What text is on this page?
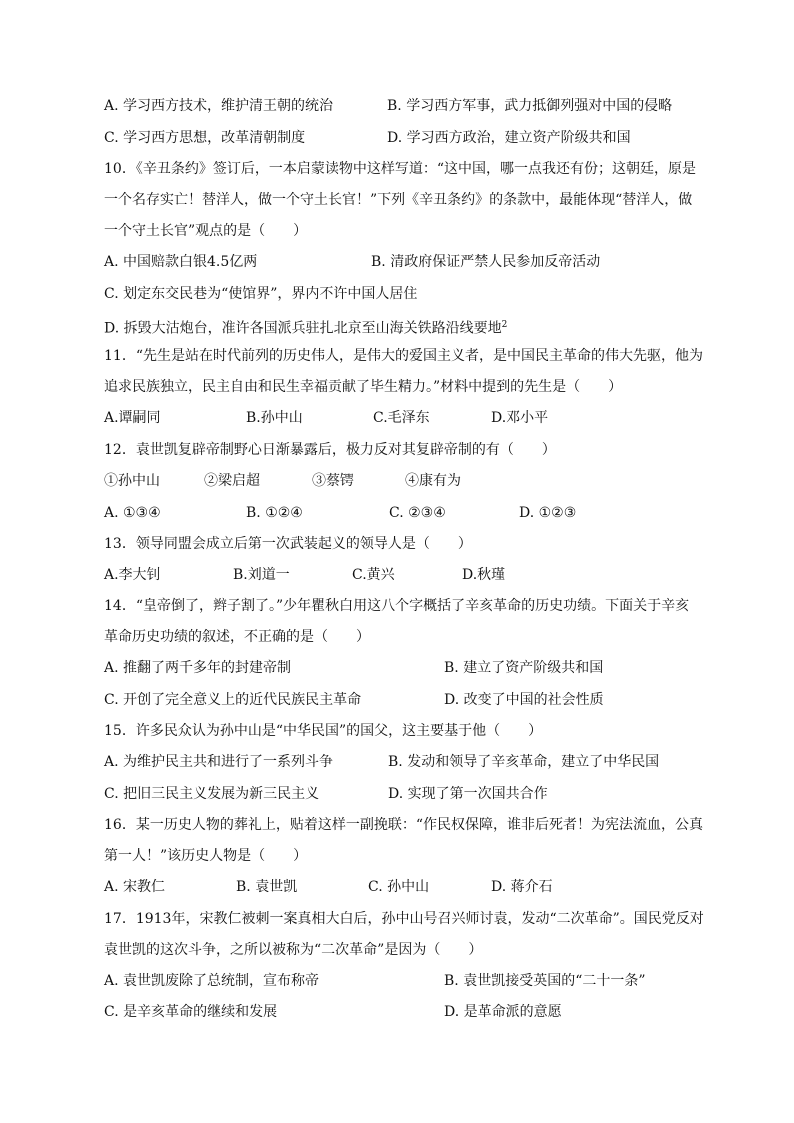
A. 学习西方技术，维护清王朝的统治	B. 学习西方军事，武力抵御列强对中国的侵略
C. 学习西方思想，改革清朝制度	D. 学习西方政治，建立资产阶级共和国
10．《辛丑条约》签订后，一本启蒙读物中这样写道：“这中国，哪一点我还有份；这朝廷，原是
一个名存实亡！替洋人，做一个守土长官！”下列《辛丑条约》的条款中，最能体现“替洋人，做
一个守土长官”观点的是（　　）
A. 中国赔款白银4.5亿两	B. 清政府保证严禁人民参加反帝活动
C. 划定东交民巷为“使馆界”，界内不许中国人居住
D. 拆毁大沽炮台，准许各国派兵驻扎北京至山海关铁路沿线要地$^2$
11．“先生是站在时代前列的历史伟人，是伟大的爱国主义者，是中国民主革命的伟大先驱，他为
追求民族独立，民主自由和民生幸福贡献了毕生精力。”材料中提到的先生是（　　）
A.谭嗣同	B.孙中山	C.毛泽东	D.邓小平
12．袁世凯复辟帝制野心日渐暴露后，极力反对其复辟帝制的有（　　）
①孙中山	②梁启超	③蔡锷	④康有为
A. ①③④	B. ①②④	C. ②③④	D. ①②③
13．领导同盟会成立后第一次武装起义的领导人是（　　）
A.李大钊	B.刘道一	C.黄兴	D.秋瑾
14．“皇帝倒了，辫子割了。”少年瞿秋白用这八个字概括了辛亥革命的历史功绩。下面关于辛亥
革命历史功绩的叙述，不正确的是（　　）
A. 推翻了两千多年的封建帝制	B. 建立了资产阶级共和国
C. 开创了完全意义上的近代民族民主革命	D. 改变了中国的社会性质
15．许多民众认为孙中山是“中华民国”的国父，这主要基于他（　　）
A. 为维护民主共和进行了一系列斗争	B. 发动和领导了辛亥革命，建立了中华民国
C. 把旧三民主义发展为新三民主义	D. 实现了第一次国共合作
16．某一历史人物的葬礼上，贴着这样一副挽联：“作民权保障，谁非后死者！为宪法流血，公真
第一人！”该历史人物是（　　）
A. 宋教仁	B. 袁世凯	C. 孙中山	D. 蒋介石
17．1913年，宋教仁被刺一案真相大白后，孙中山号召兴师讨袁，发动“二次革命”。国民党反对
袁世凯的这次斗争，之所以被称为“二次革命”是因为（　　）
A. 袁世凯废除了总统制，宣布称帝	B. 袁世凯接受英国的“二十一条”
C. 是辛亥革命的继续和发展	D. 是革命派的意愿
